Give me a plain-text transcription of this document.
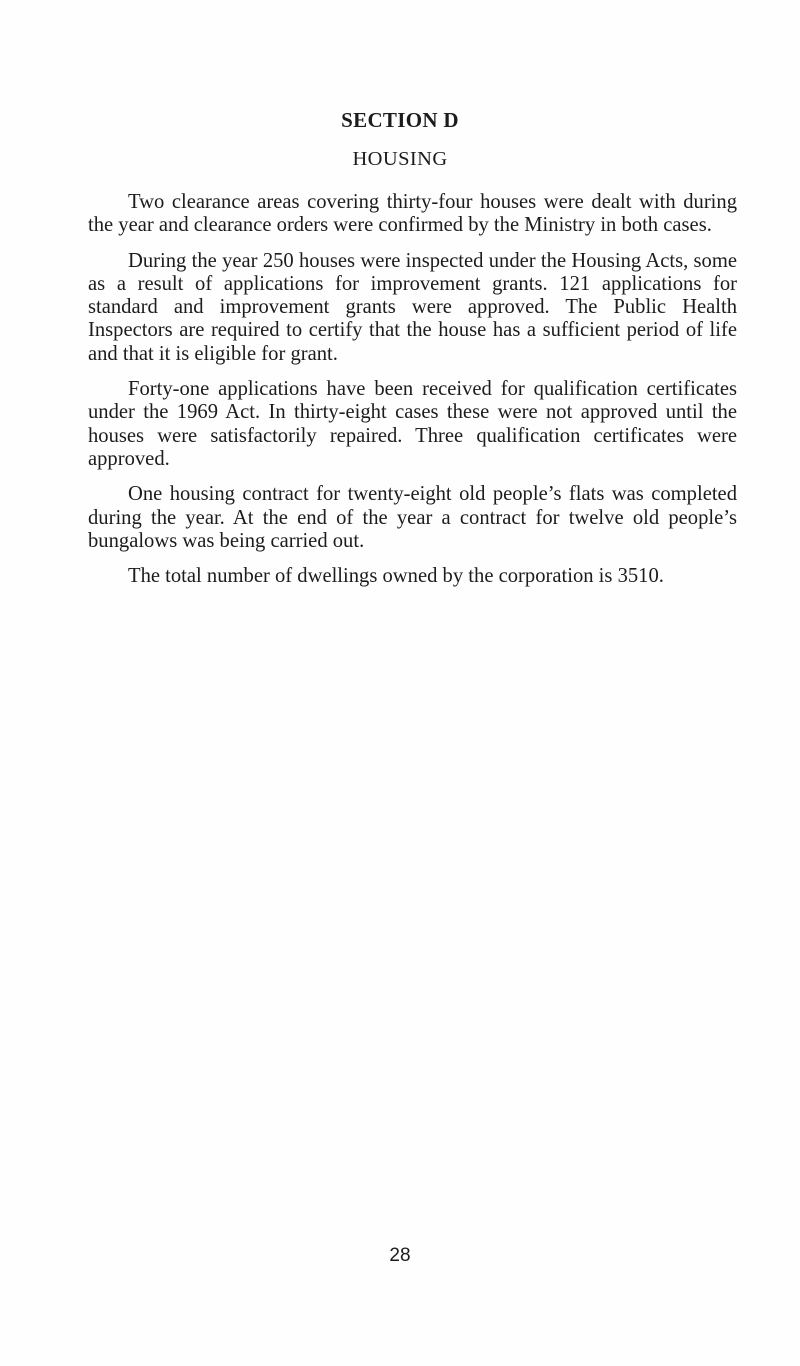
SECTION D
HOUSING

Two clearance areas covering thirty-four houses were dealt with during the year and clearance orders were confirmed by the Ministry in both cases.

During the year 250 houses were inspected under the Housing Acts, some as a result of applications for improvement grants. 121 applications for standard and improvement grants were approved. The Public Health Inspectors are required to certify that the house has a sufficient period of life and that it is eligible for grant.

Forty-one applications have been received for qualification certificates under the 1969 Act. In thirty-eight cases these were not approved until the houses were satisfactorily repaired. Three qualification certificates were approved.

One housing contract for twenty-eight old people’s flats was completed during the year. At the end of the year a contract for twelve old people’s bungalows was being carried out.

The total number of dwellings owned by the corporation is 3510.

28
